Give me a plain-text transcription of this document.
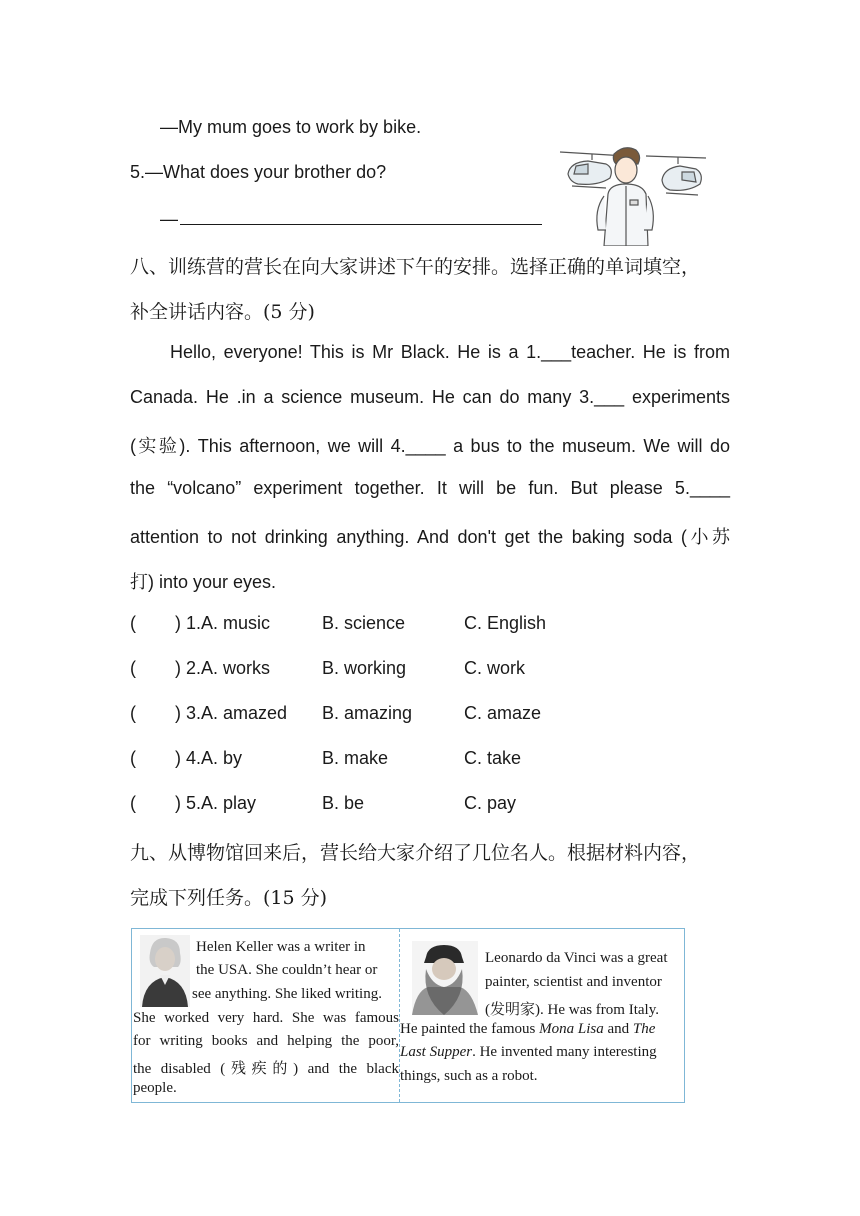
—My mum goes to work by bike.
5.—What does your brother do?
—
八、训练营的营长在向大家讲述下午的安排。选择正确的单词填空，
补全讲话内容。(5 分)
Hello, everyone! This is Mr Black. He is a 1.___teacher. He is from
Canada. He .in a science museum. He can do many 3.___ experiments
(实验). This afternoon, we will 4.____ a bus to the museum. We will do
the “volcano” experiment together. It will be fun. But please 5.____
attention to not drinking anything. And don't get the baking soda (小苏
打) into your eyes.
( ) 1.A. music	B. science	C. English
( ) 2.A. works	B. working	C. work
( ) 3.A. amazed B. amazing	C. amaze
( ) 4.A. by	B. make	C. take
( ) 5.A. play	B. be	C. pay
九、从博物馆回来后，营长给大家介绍了几位名人。根据材料内容，
完成下列任务。(15 分)
Helen Keller was a writer in
the USA. She couldn’t hear or
see anything. She liked writing.
She worked very hard. She was famous
for writing books and helping the poor,
the disabled (残疾的) and the black
people.
Leonardo da Vinci was a great
painter, scientist and inventor
(发明家). He was from Italy.
He painted the famous Mona Lisa and The
Last Supper. He invented many interesting
things, such as a robot.
